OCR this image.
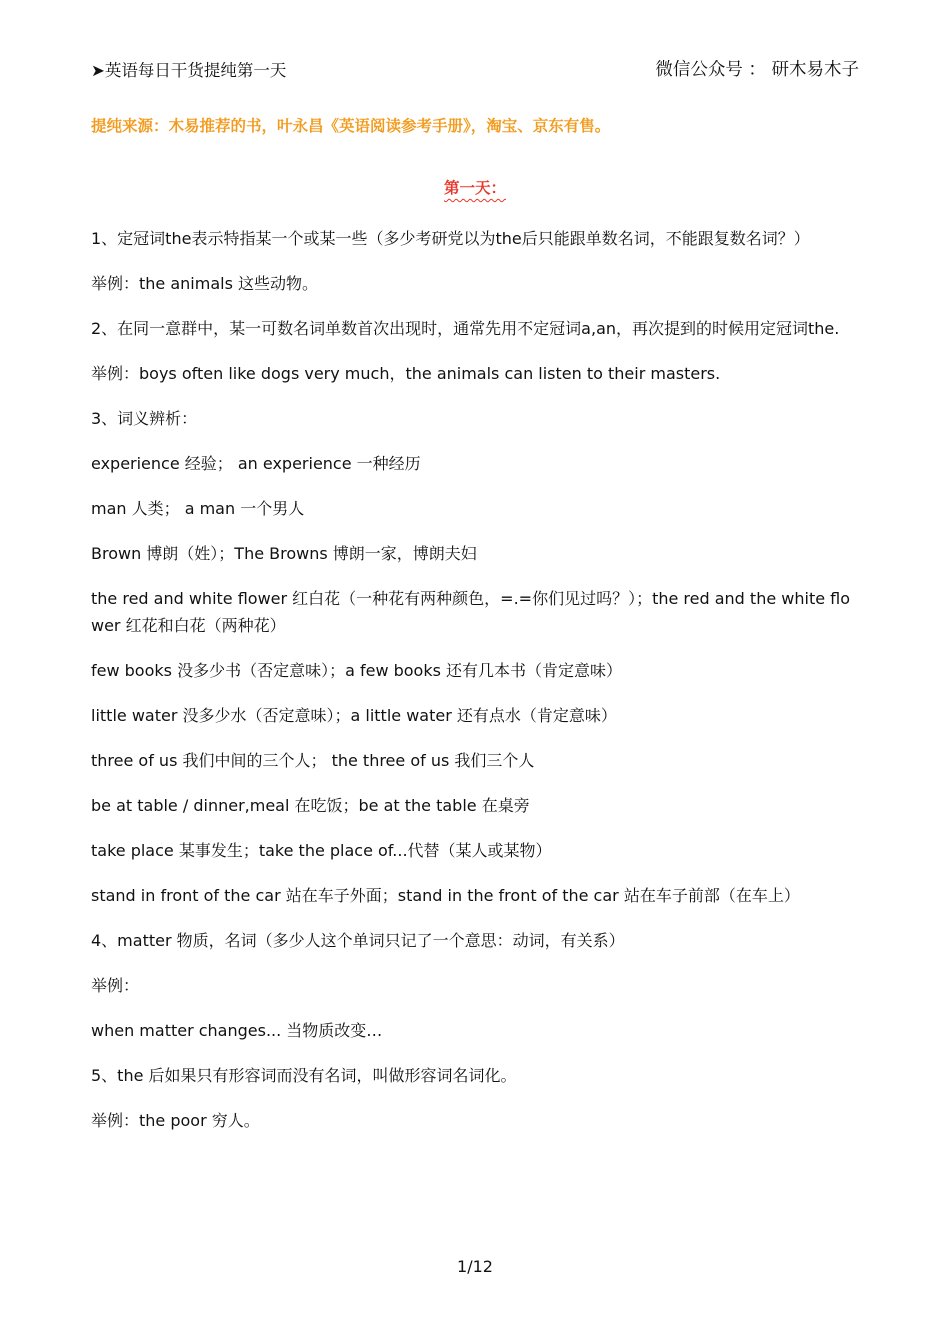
➤英语每日干货提纯第一天	微信公众号 ： 研木易木子
提纯来源：木易推荐的书，叶永昌《英语阅读参考手册》，淘宝、京东有售。
第一天：

1、定冠词the表示特指某一个或某一些（多少考研党以为the后只能跟单数名词，不能跟复数名词？）

举例：the animals 这些动物。

2、在同一意群中，某一可数名词单数首次出现时，通常先用不定冠词a,an，再次提到的时候用定冠词the.

举例：boys often like dogs very much，the animals can listen to their masters.

3、词义辨析：

experience 经验； an experience 一种经历

man 人类； a man 一个男人

Brown 博朗（姓）；The Browns 博朗一家，博朗夫妇

the red and white flower 红白花（一种花有两种颜色，=.=你们见过吗？）；the red and the white flower 红花和白花（两种花）

few books 没多少书（否定意味）；a few books 还有几本书（肯定意味）

little water 没多少水（否定意味）；a little water 还有点水（肯定意味）

three of us 我们中间的三个人； the three of us 我们三个人

be at table / dinner,meal 在吃饭；be at the table 在桌旁

take place 某事发生；take the place of...代替（某人或某物）

stand in front of the car 站在车子外面；stand in the front of the car 站在车子前部（在车上）

4、matter 物质，名词（多少人这个单词只记了一个意思：动词，有关系）

举例：

when matter changes... 当物质改变…

5、the 后如果只有形容词而没有名词，叫做形容词名词化。

举例：the poor 穷人。

1/12
